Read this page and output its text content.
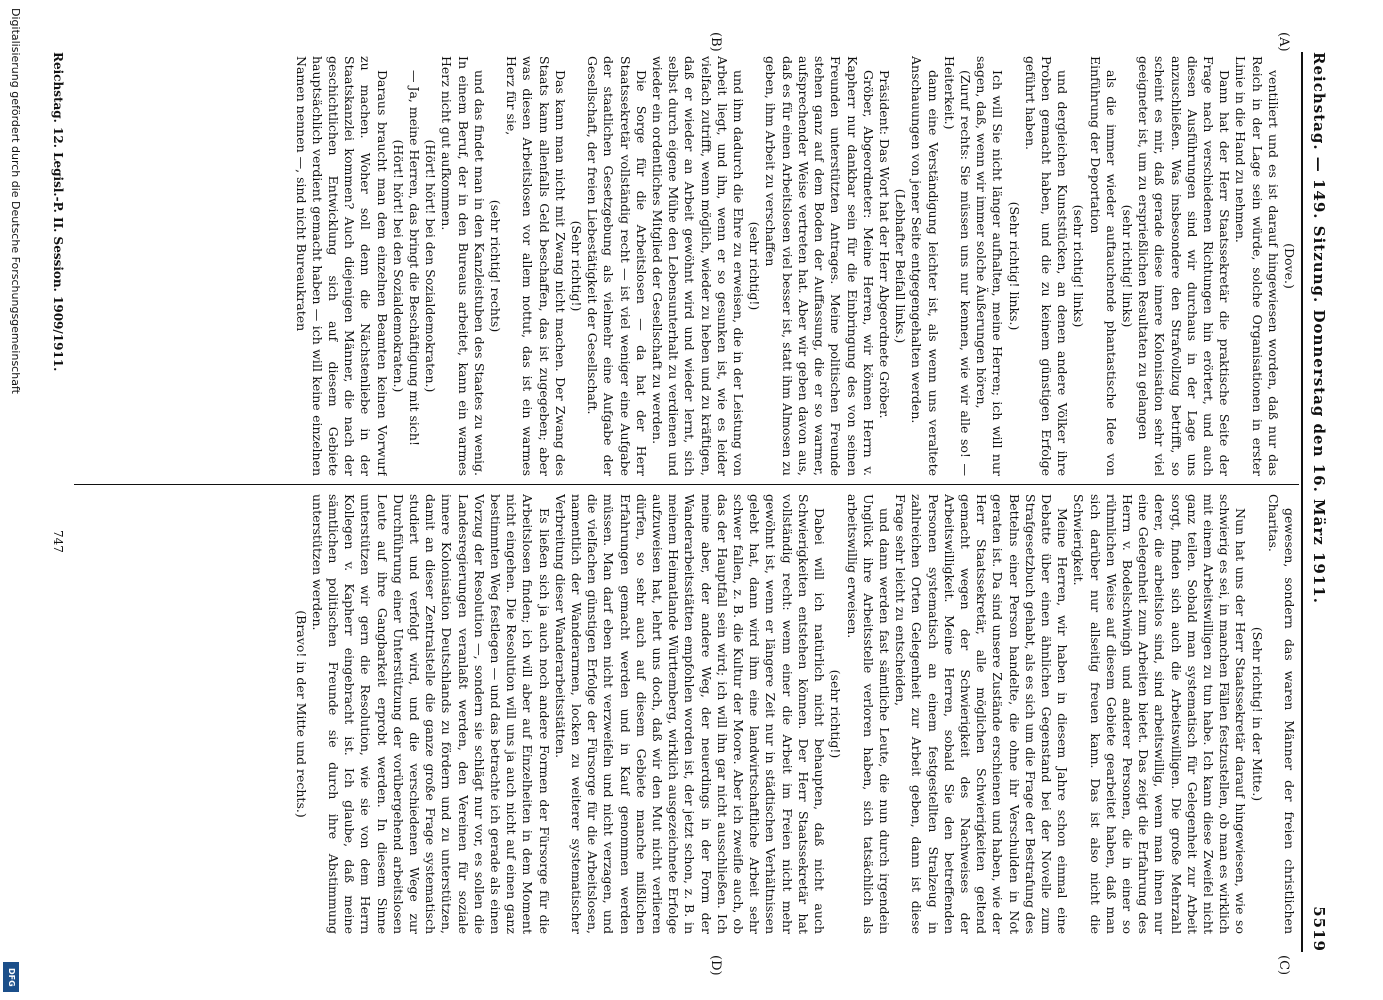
Reichstag. — 149. Sitzung. Donnerstag den 16. März 1911.
5519
(A)
(B)
(C)
(D)

(Dove.)

ventiliert und es ist darauf hingewiesen worden, daß nur das Reich in der Lage sein würde, solche Organisationen in erster Linie in die Hand zu nehmen.

Dann hat der Herr Staatssekretär die praktische Seite der Frage nach verschiedenen Richtungen hin erörtert, und auch diesen Ausführungen sind wir durchaus in der Lage uns anzuschließen. Was insbesondere den Strafvollzug betrifft, so scheint es mir, daß gerade diese innere Kolonisation sehr viel geeigneter ist, um zu ersprießlichen Resultaten zu gelangen

(sehr richtig! links)

als die immer wieder auftauchende phantastische Idee von Einführung der Deportation

(sehr richtig! links)

und dergleichen Kunststücken, an denen andere Völker ihre Proben gemacht haben, und die zu keinem günstigen Erfolge geführt haben.

(Sehr richtig! links.)

Ich will Sie nicht länger aufhalten, meine Herren; ich will nur sagen, daß, wenn wir immer solche Äußerungen hören,

(Zuruf rechts: Sie müssen uns nur kennen, wie wir alle so! — Heiterkeit.)

dann eine Verständigung leichter ist, als wenn uns veraltete Anschauungen von jener Seite entgegengehalten werden.

(Lebhafter Beifall links.)

Präsident: Das Wort hat der Herr Abgeordnete Gröber.

Gröber, Abgeordneter: Meine Herren, wir können Herrn v. Kapherr nur dankbar sein für die Einbringung des von seinen Freunden unterstützten Antrages. Meine politischen Freunde stehen ganz auf dem Boden der Auffassung, die er so warmer, aufsprechender Weise vertreten hat. Aber wir geben davon aus, daß es für einen Arbeitslosen viel besser ist, statt ihm Almosen zu geben, ihm Arbeit zu verschaffen

(sehr richtig!)

und ihm dadurch die Ehre zu erweisen, die in der Leistung von Arbeit liegt, und ihn, wenn er so gesunken ist, wie es leider vielfach zutrifft, wenn möglich, wieder zu heben und zu kräftigen, daß er wieder an Arbeit gewöhnt wird und wieder lernt, sich selbst durch eigene Mühe den Lebensunterhalt zu verdienen und wieder ein ordentliches Mitglied der Gesellschaft zu werden.

Die Sorge für die Arbeitslosen — da hat der Herr Staatssekretär vollständig recht — ist viel weniger eine Aufgabe der staatlichen Gesetzgebung als vielmehr eine Aufgabe der Gesellschaft, der freien Liebestätigkeit der Gesellschaft.

(Sehr richtig!)

Das kann man nicht mit Zwang nicht machen. Der Zwang des Staats kann allenfalls Geld beschaffen, das ist zugegeben; aber was diesen Arbeitslosen vor allem nottut, das ist ein warmes Herz für sie,

(sehr richtig! rechts)

und das findet man in den Kanzleistuben des Staates zu wenig. In einem Beruf, der in den Bureaus arbeitet, kann ein warmes Herz nicht gut aufkommen.

(Hört! hört! bei den Sozialdemokraten.)

— Ja, meine Herren, das bringt die Beschäftigung mit sich!

(Hört! hört! bei den Sozialdemokraten.)

Daraus braucht man dem einzelnen Beamten keinen Vorwurf zu machen. Woher soll denn die Nächstenliebe in der Staatskanzlei kommen? Auch diejenigen Männer, die nach der geschichtlichen Entwicklung sich auf diesem Gebiete hauptsächlich verdient gemacht haben — ich will keine einzelnen Namen nennen —, sind nicht Bureaukraten

gewesen, sondern das waren Männer der freien christlichen Charitas.

(Sehr richtig! in der Mitte.)

Nun hat uns der Herr Staatssekretär darauf hingewiesen, wie so schwierig es sei, in manchen Fällen festzustellen, ob man es wirklich mit einem Arbeitswilligen zu tun habe. Ich kann diese Zweifel nicht ganz teilen. Sobald man systematisch für Gelegenheit zur Arbeit sorgt, finden sich auch die Arbeitswilligen. Die große Mehrzahl derer, die arbeitslos sind, sind arbeitswillig, wenn man ihnen nur eine Gelegenheit zum Arbeiten bietet. Das zeigt die Erfahrung des Herrn v. Bodelschwingh und anderer Personen, die in einer so rühmlichen Weise auf diesem Gebiete gearbeitet haben, daß man sich darüber nur allseitig freuen kann. Das ist also nicht die Schwierigkeit.

Meine Herren, wir haben in diesem Jahre schon einmal eine Debatte über einen ähnlichen Gegenstand bei der Novelle zum Strafgesetzbuch gehabt, als es sich um die Frage der Bestrafung des Bettelns einer Person handelte, die ohne ihr Verschulden in Not geraten ist. Da sind unsere Zustände erschienen und haben, wie der Herr Staatssekretär, alle möglichen Schwierigkeiten geltend gemacht wegen der Schwierigkeit des Nachweises der Arbeitswilligkeit. Meine Herren, sobald Sie den betreffenden Personen systematisch an einem festgestellten Stralzeug in zahlreichen Orten Gelegenheit zur Arbeit geben, dann ist diese Frage sehr leicht zu entscheiden,

und dann werden fast sämtliche Leute, die nun durch irgendein Unglück ihre Arbeitsstelle verloren haben, sich tatsächlich als arbeitswillig erweisen.

(sehr richtig!)

Dabei will ich natürlich nicht behaupten, daß nicht auch Schwierigkeiten entstehen können. Der Herr Staatssekretär hat vollständig recht: wenn einer die Arbeit im Freien nicht mehr gewöhnt ist, wenn er längere Zeit nur in städtischen Verhältnissen gelebt hat, dann wird ihm eine landwirtschaftliche Arbeit sehr schwer fallen, z. B. die Kultur der Moore. Aber ich zweifle auch, ob das der Hauptfall sein wird; ich will ihn gar nicht ausschließen. Ich meine aber, der andere Weg, der neuerdings in der Form der Wanderarbeitsstätten empfohlen worden ist, der jetzt schon, z. B. in meinem Heimatlande Württemberg, wirklich ausgezeichnete Erfolge aufzuweisen hat, lehrt uns doch, daß wir den Mut nicht verlieren dürfen, so sehr auch auf diesem Gebiete manche mißlichen Erfahrungen gemacht werden und in Kauf genommen werden müssen. Man darf eben nicht verzweifeln und nicht verzagen, und die vielfachen günstigen Erfolge der Fürsorge für die Arbeitslosen, namentlich der Wanderarmen, locken zu weiterer systematischer Verbreitung dieser Wanderarbeitsstätten.

Es ließen sich ja auch noch andere Formen der Fürsorge für die Arbeitslosen finden; ich will aber auf Einzelheiten in dem Moment nicht eingehen. Die Resolution will uns ja auch nicht auf einen ganz bestimmten Weg festlegen — und das betrachte ich gerade als einen Vorzug der Resolution —, sondern sie schlägt nur vor, es sollen die Landesregierungen veranlaßt werden, den Vereinen für soziale innere Kolonisation Deutschlands zu fördern und zu unterstützen, damit an dieser Zentralstelle die ganze große Frage systematisch studiert und verfolgt wird, und die verschiedenen Wege zur Durchführung einer Unterstützung der vorübergehend arbeitslosen Leute auf ihre Gangbarkeit erprobt werden. In diesem Sinne unterstützen wir gern die Resolution, wie sie von dem Herrn Kollegen v. Kapherr eingebracht ist. Ich glaube, daß meine sämtlichen politischen Freunde sie durch ihre Abstimmung unterstützen werden.

(Bravo! in der Mitte und rechts.)

Reichstag. 12. Legisl.-P. II. Session. 1909/1911.
747
Digitalisierung gefördert durch die Deutsche Forschungsgemeinschaft
DFG
